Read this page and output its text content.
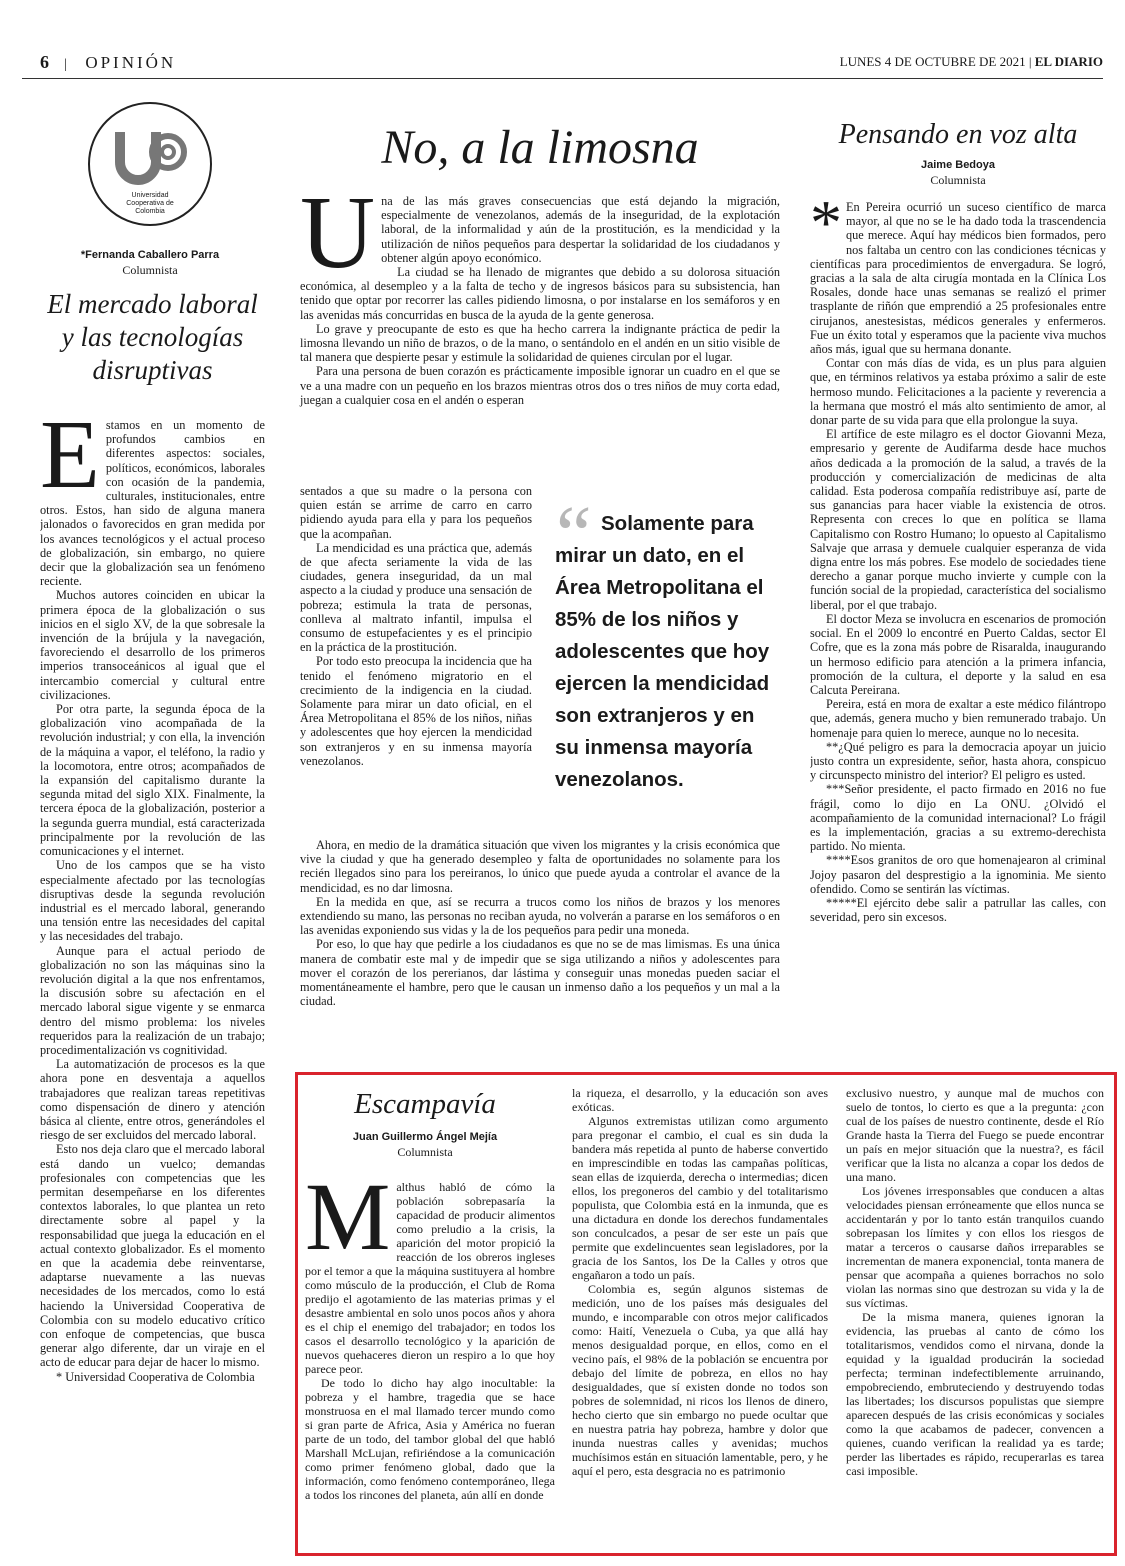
6 | OPINIÓN	LUNES 4 DE OCTUBRE DE 2021 | EL DIARIO
Universidad Cooperativa de Colombia
*Fernanda Caballero Parra
Columnista
El mercado laboral y las tecnologías disruptivas
E stamos en un momento de profundos cambios en diferentes aspectos: sociales, políticos, económicos, laborales con ocasión de la pandemia, culturales, institucionales, entre otros. Estos, han sido de alguna manera jalonados o favorecidos en gran medida por los avances tecnológicos y el actual proceso de globalización, sin embargo, no quiere decir que la globalización sea un fenómeno reciente.

Muchos autores coinciden en ubicar la primera época de la globalización o sus inicios en el siglo XV, de la que sobresale la invención de la brújula y la navegación, favoreciendo el desarrollo de los primeros imperios transoceánicos al igual que el intercambio comercial y cultural entre civilizaciones.

Por otra parte, la segunda época de la globalización vino acompañada de la revolución industrial; y con ella, la invención de la máquina a vapor, el teléfono, la radio y la locomotora, entre otros; acompañados de la expansión del capitalismo durante la segunda mitad del siglo XIX. Finalmente, la tercera época de la globalización, posterior a la segunda guerra mundial, está caracterizada principalmente por la revolución de las comunicaciones y el internet.

Uno de los campos que se ha visto especialmente afectado por las tecnologías disruptivas desde la segunda revolución industrial es el mercado laboral, generando una tensión entre las necesidades del capital y las necesidades del trabajo.

Aunque para el actual periodo de globalización no son las máquinas sino la revolución digital a la que nos enfrentamos, la discusión sobre su afectación en el mercado laboral sigue vigente y se enmarca dentro del mismo problema: los niveles requeridos para la realización de un trabajo; procedimentalización vs cognitividad.

La automatización de procesos es la que ahora pone en desventaja a aquellos trabajadores que realizan tareas repetitivas como dispensación de dinero y atención básica al cliente, entre otros, generándoles el riesgo de ser excluidos del mercado laboral.

Esto nos deja claro que el mercado laboral está dando un vuelco; demandas profesionales con competencias que les permitan desempeñarse en los diferentes contextos laborales, lo que plantea un reto directamente sobre al papel y la responsabilidad que juega la educación en el actual contexto globalizador. Es el momento en que la academia debe reinventarse, adaptarse nuevamente a las nuevas necesidades de los mercados, como lo está haciendo la Universidad Cooperativa de Colombia con su modelo educativo crítico con enfoque de competencias, que busca generar algo diferente, dar un viraje en el acto de educar para dejar de hacer lo mismo.

* Universidad Cooperativa de Colombia

No, a la limosna
U na de las más graves consecuencias que está dejando la migración, especialmente de venezolanos, además de la inseguridad, de la explotación laboral, de la informalidad y aún de la prostitución, es la mendicidad y la utilización de niños pequeños para despertar la solidaridad de los ciudadanos y obtener algún apoyo económico.

La ciudad se ha llenado de migrantes que debido a su dolorosa situación económica, al desempleo y a la falta de techo y de ingresos básicos para su subsistencia, han tenido que optar por recorrer las calles pidiendo limosna, o por instalarse en los semáforos y en las avenidas más concurridas en busca de la ayuda de la gente generosa.

Lo grave y preocupante de esto es que ha hecho carrera la indignante práctica de pedir la limosna llevando un niño de brazos, o de la mano, o sentándolo en el andén en un sitio visible de tal manera que despierte pesar y estimule la solidaridad de quienes circulan por el lugar.

Para una persona de buen corazón es prácticamente imposible ignorar un cuadro en el que se ve a una madre con un pequeño en los brazos mientras otros dos o tres niños de muy corta edad, juegan a cualquier cosa en el andén o esperan

sentados a que su madre o la persona con quien están se arrime de carro en carro pidiendo ayuda para ella y para los pequeños que la acompañan.

La mendicidad es una práctica que, además de que afecta seriamente la vida de las ciudades, genera inseguridad, da un mal aspecto a la ciudad y produce una sensación de pobreza; estimula la trata de personas, conlleva al maltrato infantil, impulsa el consumo de estupefacientes y es el principio en la práctica de la prostitución.

Por todo esto preocupa la incidencia que ha tenido el fenómeno migratorio en el crecimiento de la indigencia en la ciudad. Solamente para mirar un dato oficial, en el Área Metropolitana el 85% de los niños, niñas y adolescentes que hoy ejercen la mendicidad son extranjeros y en su inmensa mayoría venezolanos.

“ Solamente para mirar un dato, en el Área Metropolitana el 85% de los niños y adolescentes que hoy ejercen la mendicidad son extranjeros y en su inmensa mayoría venezolanos.

Ahora, en medio de la dramática situación que viven los migrantes y la crisis económica que vive la ciudad y que ha generado desempleo y falta de oportunidades no solamente para los recién llegados sino para los pereiranos, lo único que puede ayuda a controlar el avance de la mendicidad, es no dar limosna.

En la medida en que, así se recurra a trucos como los niños de brazos y los menores extendiendo su mano, las personas no reciban ayuda, no volverán a pararse en los semáforos o en las avenidas exponiendo sus vidas y la de los pequeños para pedir una moneda.

Por eso, lo que hay que pedirle a los ciudadanos es que no se de mas limismas. Es una única manera de combatir este mal y de impedir que se siga utilizando a niños y adolescentes para mover el corazón de los pererianos, dar lástima y conseguir unas monedas pueden saciar el momentáneamente el hambre, pero que le causan un inmenso daño a los pequeños y un mal a la ciudad.

Pensando en voz alta
Jaime Bedoya
Columnista
* En Pereira ocurrió un suceso científico de marca mayor, al que no se le ha dado toda la trascendencia que merece. Aquí hay médicos bien formados, pero nos faltaba un centro con las condiciones técnicas y científicas para procedimientos de envergadura. Se logró, gracias a la sala de alta cirugía montada en la Clínica Los Rosales, donde hace unas semanas se realizó el primer trasplante de riñón que emprendió a 25 profesionales entre cirujanos, anestesistas, médicos generales y enfermeros. Fue un éxito total y esperamos que la paciente viva muchos años más, igual que su hermana donante.

Contar con más días de vida, es un plus para alguien que, en términos relativos ya estaba próximo a salir de este hermoso mundo. Felicitaciones a la paciente y reverencia a la hermana que mostró el más alto sentimiento de amor, al donar parte de su vida para que ella prolongue la suya.

El artífice de este milagro es el doctor Giovanni Meza, empresario y gerente de Audifarma desde hace muchos años dedicada a la promoción de la salud, a través de la producción y comercialización de medicinas de alta calidad. Esta poderosa compañía redistribuye así, parte de sus ganancias para hacer viable la existencia de otros. Representa con creces lo que en política se llama Capitalismo con Rostro Humano; lo opuesto al Capitalismo Salvaje que arrasa y demuele cualquier esperanza de vida digna entre los más pobres. Ese modelo de sociedades tiene derecho a ganar porque mucho invierte y cumple con la función social de la propiedad, característica del socialismo liberal, por el que trabajo.

El doctor Meza se involucra en escenarios de promoción social. En el 2009 lo encontré en Puerto Caldas, sector El Cofre, que es la zona más pobre de Risaralda, inaugurando un hermoso edificio para atención a la primera infancia, promoción de la cultura, el deporte y la salud en esa Calcuta Pereirana.

Pereira, está en mora de exaltar a este médico filántropo que, además, genera mucho y bien remunerado trabajo. Un homenaje para quien lo merece, aunque no lo necesita.

**¿Qué peligro es para la democracia apoyar un juicio justo contra un expresidente, señor, hasta ahora, conspicuo y circunspecto ministro del interior? El peligro es usted.

***Señor presidente, el pacto firmado en 2016 no fue frágil, como lo dijo en La ONU. ¿Olvidó el acompañamiento de la comunidad internacional? Lo frágil es la implementación, gracias a su extremo-derechista partido. No mienta.

****Esos granitos de oro que homenajearon al criminal Jojoy pasaron del desprestigio a la ignominia. Me siento ofendido. Como se sentirán las víctimas.

*****El ejército debe salir a patrullar las calles, con severidad, pero sin excesos.

Escampavía
Juan Guillermo Ángel Mejía
Columnista
M althus habló de cómo la población sobrepasaría la capacidad de producir alimentos como preludio a la crisis, la aparición del motor propició la reacción de los obreros ingleses por el temor a que la máquina sustituyera al hombre como músculo de la producción, el Club de Roma predijo el agotamiento de las materias primas y el desastre ambiental en solo unos pocos años y ahora es el chip el enemigo del trabajador; en todos los casos el desarrollo tecnológico y la aparición de nuevos quehaceres dieron un respiro a lo que hoy parece peor.

De todo lo dicho hay algo inocultable: la pobreza y el hambre, tragedia que se hace monstruosa en el mal llamado tercer mundo como si gran parte de Africa, Asia y América no fueran parte de un todo, del tambor global del que habló Marshall McLujan, refiriéndose a la comunicación como primer fenómeno global, dado que la información, como fenómeno contemporáneo, llega a todos los rincones del planeta, aún allí en donde

la riqueza, el desarrollo, y la educación son aves exóticas.

Algunos extremistas utilizan como argumento para pregonar el cambio, el cual es sin duda la bandera más repetida al punto de haberse convertido en imprescindible en todas las campañas políticas, sean ellas de izquierda, derecha o intermedias; dicen ellos, los pregoneros del cambio y del totalitarismo populista, que Colombia está en la inmunda, que es una dictadura en donde los derechos fundamentales son conculcados, a pesar de ser este un país que permite que exdelincuentes sean legisladores, por la gracia de los Santos, los De la Calles y otros que engañaron a todo un país.

Colombia es, según algunos sistemas de medición, uno de los países más desiguales del mundo, e incomparable con otros mejor calificados como: Haití, Venezuela o Cuba, ya que allá hay menos desigualdad porque, en ellos, como en el vecino país, el 98% de la población se encuentra por debajo del límite de pobreza, en ellos no hay desigualdades, que sí existen donde no todos son pobres de solemnidad, ni ricos los llenos de dinero, hecho cierto que sin embargo no puede ocultar que en nuestra patria hay pobreza, hambre y dolor que inunda nuestras calles y avenidas; muchos muchísimos están en situación lamentable, pero, y he aquí el pero, esta desgracia no es patrimonio

exclusivo nuestro, y aunque mal de muchos con suelo de tontos, lo cierto es que a la pregunta: ¿con cual de los países de nuestro continente, desde el Río Grande hasta la Tierra del Fuego se puede encontrar un país en mejor situación que la nuestra?, es fácil verificar que la lista no alcanza a copar los dedos de una mano.

Los jóvenes irresponsables que conducen a altas velocidades piensan erróneamente que ellos nunca se accidentarán y por lo tanto están tranquilos cuando sobrepasan los límites y con ellos los riesgos de matar a terceros o causarse daños irreparables se incrementan de manera exponencial, tonta manera de pensar que acompaña a quienes borrachos no solo violan las normas sino que destrozan su vida y la de sus víctimas.

De la misma manera, quienes ignoran la evidencia, las pruebas al canto de cómo los totalitarismos, vendidos como el nirvana, donde la equidad y la igualdad producirán la sociedad perfecta; terminan indefectiblemente arruinando, empobreciendo, embruteciendo y destruyendo todas las libertades; los discursos populistas que siempre aparecen después de las crisis económicas y sociales como la que acabamos de padecer, convencen a quienes, cuando verifican la realidad ya es tarde; perder las libertades es rápido, recuperarlas es tarea casi imposible.
